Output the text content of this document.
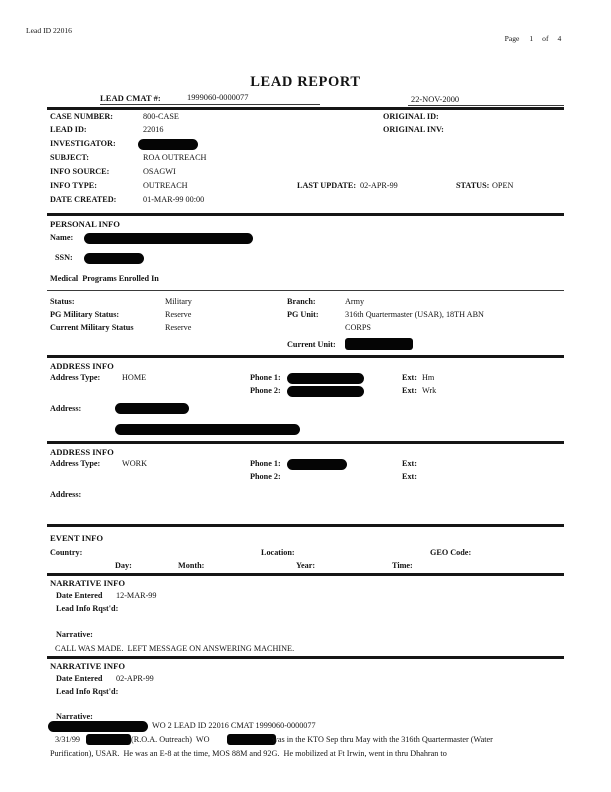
Lead ID 22016

Page 1 of 4

LEAD REPORT
LEAD CMAT #:	1999060-0000077	22-NOV-2000
CASE NUMBER:	800-CASE	ORIGINAL ID:
LEAD ID:	22016	ORIGINAL INV:
INVESTIGATOR:
SUBJECT:	ROA OUTREACH
INFO SOURCE:	OSAGWI
INFO TYPE:	OUTREACH	LAST UPDATE: 02-APR-99	STATUS: OPEN
DATE CREATED:	01-MAR-99 00:00
PERSONAL INFO
Name:
SSN:
Medical  Programs Enrolled In
Status:	Military	Branch:	Army
PG Military Status:	Reserve	PG Unit:	316th Quartermaster (USAR), 18TH ABN
Current Military Status	Reserve	CORPS
Current Unit:
ADDRESS INFO
Address Type:	HOME	Phone 1:	Ext: Hm
Phone 2:	Ext: Wrk
Address:
ADDRESS INFO
Address Type:	WORK	Phone 1:	Ext:
Phone 2:	Ext:
Address:
EVENT INFO
Country:	Location:	GEO Code:
Day:	Month:	Year:	Time:
NARRATIVE INFO
Date Entered 12-MAR-99
Lead Info Rqst'd:
Narrative:
CALL WAS MADE.  LEFT MESSAGE ON ANSWERING MACHINE.
NARRATIVE INFO
Date Entered 02-APR-99
Lead Info Rqst'd:
Narrative:
WO 2 LEAD ID 22016 CMAT 1999060-0000077
3/31/99	(R.O.A. Outreach)  WO	was in the KTO Sep thru May with the 316th Quartermaster (Water
Purification), USAR.  He was an E-8 at the time, MOS 88M and 92G.  He mobilized at Ft Irwin, went in thru Dhahran to
